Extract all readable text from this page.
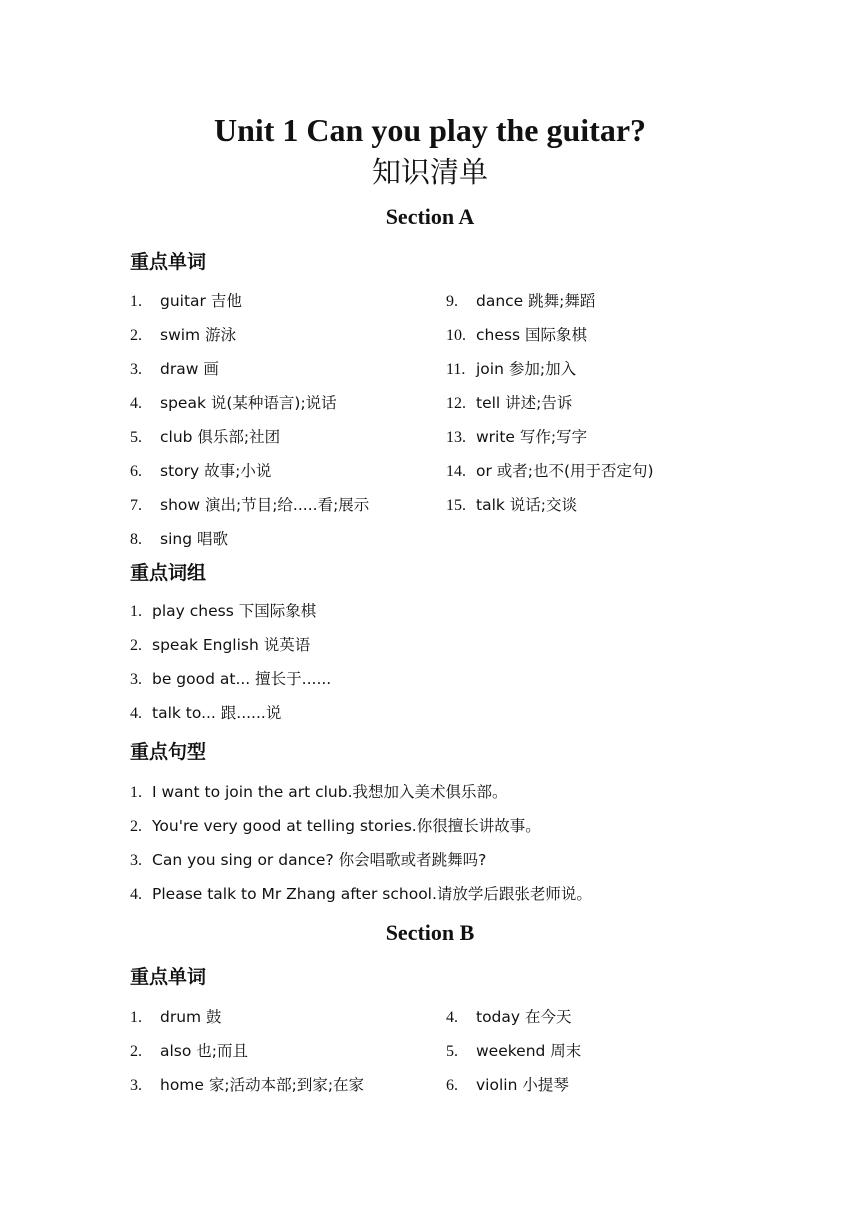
Unit 1 Can you play the guitar?
知识清单
Section A
重点单词
1. guitar 吉他
2. swim 游泳
3. draw 画
4. speak 说(某种语言);说话
5. club 俱乐部;社团
6. story 故事;小说
7. show 演出;节目;给.....看;展示
8. sing 唱歌
9. dance 跳舞;舞蹈
10. chess 国际象棋
11. join 参加;加入
12. tell 讲述;告诉
13. write 写作;写字
14. or 或者;也不(用于否定句)
15. talk 说话;交谈
重点词组
1. play chess 下国际象棋
2. speak English 说英语
3. be good at... 擅长于......
4. talk to... 跟......说
重点句型
1. I want to join the art club.我想加入美术俱乐部。
2. You're very good at telling stories.你很擅长讲故事。
3. Can you sing or dance? 你会唱歌或者跳舞吗?
4. Please talk to Mr Zhang after school.请放学后跟张老师说。
Section B
重点单词
1. drum 鼓
2. also 也;而且
3. home 家;活动本部;到家;在家
4. today 在今天
5. weekend 周末
6. violin 小提琴
